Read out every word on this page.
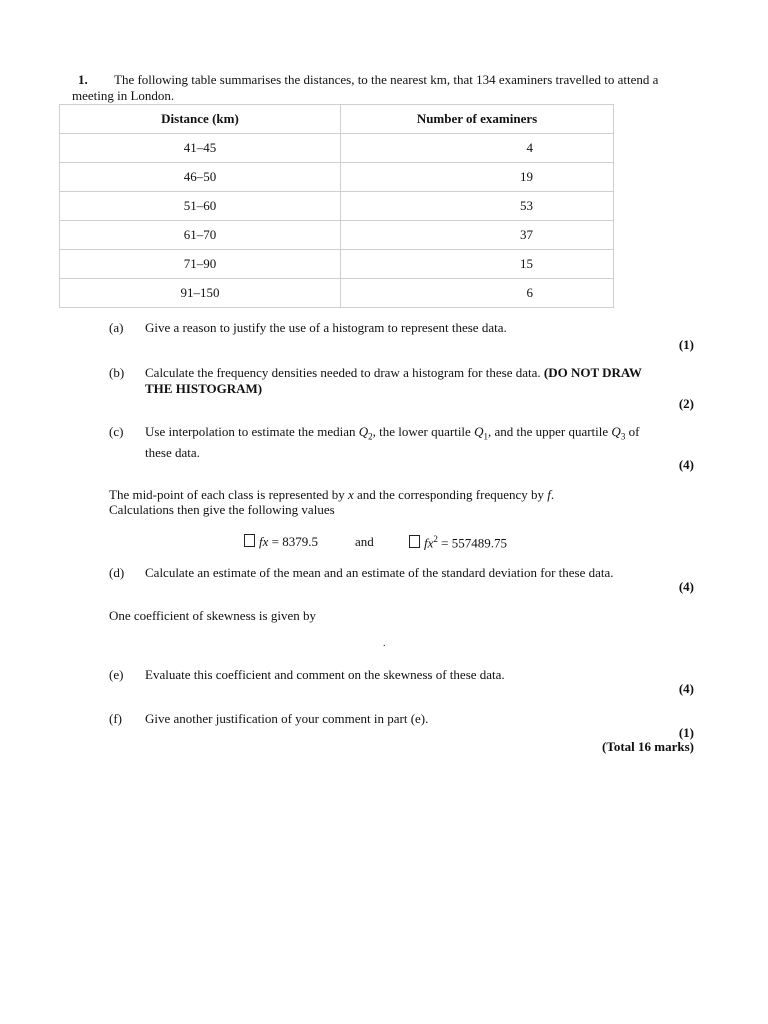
1. The following table summarises the distances, to the nearest km, that 134 examiners travelled to attend a meeting in London.
Distance (km)	Number of examiners
41–45	4
46–50	19
51–60	53
61–70	37
71–90	15
91–150	6
(a) Give a reason to justify the use of a histogram to represent these data.
(1)
(b) Calculate the frequency densities needed to draw a histogram for these data. (DO NOT DRAW THE HISTOGRAM)
(2)
(c) Use interpolation to estimate the median $Q_2$, the lower quartile $Q_1$, and the upper quartile $Q_3$ of these data.
(4)
The mid-point of each class is represented by x and the corresponding frequency by f.
Calculations then give the following values
fx = 8379.5	and	$fx^2 = 557489.75$
(d) Calculate an estimate of the mean and an estimate of the standard deviation for these data.
(4)
One coefficient of skewness is given by
.
(e) Evaluate this coefficient and comment on the skewness of these data.
(4)
(f) Give another justification of your comment in part (e).
(1)
(Total 16 marks)
